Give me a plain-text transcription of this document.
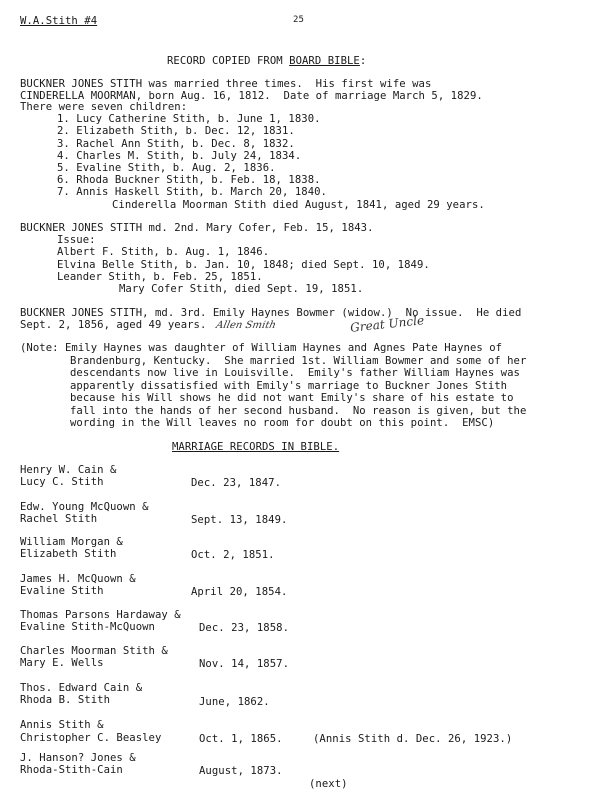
W.A.Stith #4	25
RECORD COPIED FROM BOARD BIBLE:
BUCKNER JONES STITH was married three times.  His first wife was
CINDERELLA MOORMAN, born Aug. 16, 1812.  Date of marriage March 5, 1829.
There were seven children:
1. Lucy Catherine Stith, b. June 1, 1830.
2. Elizabeth Stith, b. Dec. 12, 1831.
3. Rachel Ann Stith, b. Dec. 8, 1832.
4. Charles M. Stith, b. July 24, 1834.
5. Evaline Stith, b. Aug. 2, 1836.
6. Rhoda Buckner Stith, b. Feb. 18, 1838.
7. Annis Haskell Stith, b. March 20, 1840.
Cinderella Moorman Stith died August, 1841, aged 29 years.
BUCKNER JONES STITH md. 2nd. Mary Cofer, Feb. 15, 1843.
Issue:
Albert F. Stith, b. Aug. 1, 1846.
Elvina Belle Stith, b. Jan. 10, 1848; died Sept. 10, 1849.
Leander Stith, b. Feb. 25, 1851.
Mary Cofer Stith, died Sept. 19, 1851.
BUCKNER JONES STITH, md. 3rd. Emily Haynes Bowmer (widow.)  No issue.  He died
Sept. 2, 1856, aged 49 years. Allen Smith	Great Uncle
(Note: Emily Haynes was daughter of William Haynes and Agnes Pate Haynes of
Brandenburg, Kentucky.  She married 1st. William Bowmer and some of her
descendants now live in Louisville.  Emily's father William Haynes was
apparently dissatisfied with Emily's marriage to Buckner Jones Stith
because his Will shows he did not want Emily's share of his estate to
fall into the hands of her second husband.  No reason is given, but the
wording in the Will leaves no room for doubt on this point.  EMSC)
MARRIAGE RECORDS IN BIBLE.
Henry W. Cain &
Lucy C. Stith	Dec. 23, 1847.
Edw. Young McQuown &
Rachel Stith	Sept. 13, 1849.
William Morgan &
Elizabeth Stith	Oct. 2, 1851.
James H. McQuown &
Evaline Stith	April 20, 1854.
Thomas Parsons Hardaway &
Evaline Stith-McQuown	Dec. 23, 1858.
Charles Moorman Stith &
Mary E. Wells	Nov. 14, 1857.
Thos. Edward Cain &
Rhoda B. Stith	June, 1862.
Annis Stith &
Christopher C. Beasley	Oct. 1, 1865.	(Annis Stith d. Dec. 26, 1923.)
J. Hanson? Jones &
Rhoda-Stith-Cain	August, 1873.
(next)
